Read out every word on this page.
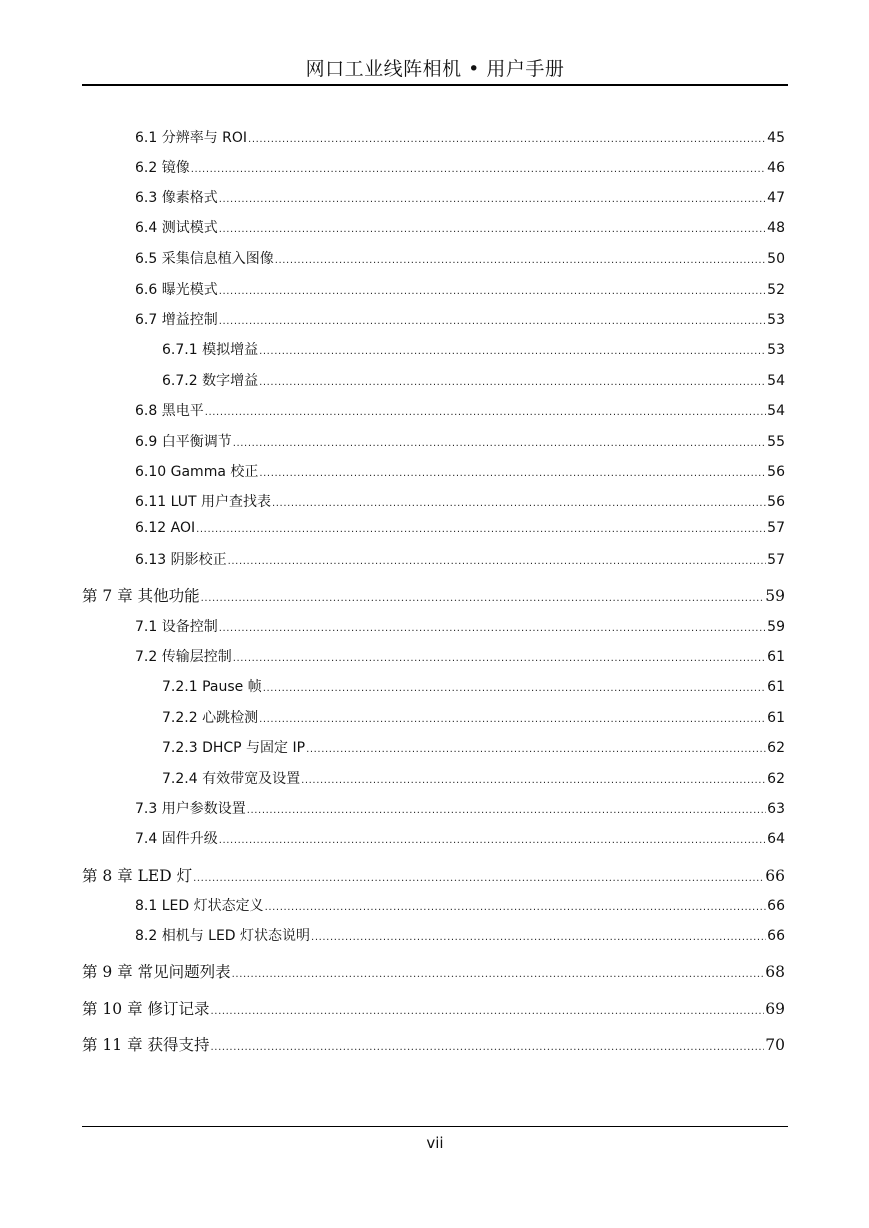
网口工业线阵相机 • 用户手册
6.1 分辨率与 ROI .....	45
6.2 镜像 .....	46
6.3 像素格式 .....	47
6.4 测试模式 .....	48
6.5 采集信息植入图像 .....	50
6.6 曝光模式 .....	52
6.7 增益控制 .....	53
6.7.1 模拟增益 .....	53
6.7.2 数字增益 .....	54
6.8 黑电平 .....	54
6.9 白平衡调节 .....	55
6.10 Gamma 校正 .....	56
6.11 LUT 用户查找表 .....	56
6.12 AOI .....	57
6.13 阴影校正 .....	57
第 7 章 其他功能 .....	59
7.1 设备控制 .....	59
7.2 传输层控制 .....	61
7.2.1 Pause 帧 .....	61
7.2.2 心跳检测 .....	61
7.2.3 DHCP 与固定 IP .....	62
7.2.4 有效带宽及设置 .....	62
7.3 用户参数设置 .....	63
7.4 固件升级 .....	64
第 8 章 LED 灯 .....	66
8.1 LED 灯状态定义 .....	66
8.2 相机与 LED 灯状态说明 .....	66
第 9 章 常见问题列表 .....	68
第 10 章 修订记录 .....	69
第 11 章 获得支持 .....	70
vii
